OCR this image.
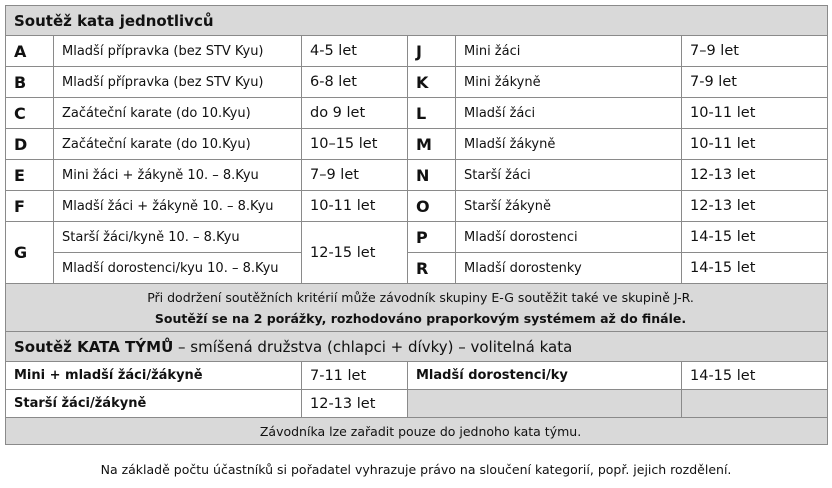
Soutěž kata jednotlivců					
A	Mladší přípravka (bez STV Kyu)	4-5 let	J	Mini žáci	7–9 let
B	Mladší přípravka (bez STV Kyu)	6-8 let	K	Mini žákyně	7-9 let
C	Začáteční karate (do 10.Kyu)	do 9 let	L	Mladší žáci	10-11 let
D	Začáteční karate (do 10.Kyu)	10–15 let	M	Mladší žákyně	10-11 let
E	Mini žáci + žákyně 10. – 8.Kyu	7–9 let	N	Starší žáci	12-13 let
F	Mladší žáci + žákyně 10. – 8.Kyu	10-11 let	O	Starší žákyně	12-13 let
G	Starší žáci/kyně 10. – 8.Kyu	12-15 let	P	Mladší dorostenci	14-15 let
	Mladší dorostenci/kyu 10. – 8.Kyu		R	Mladší dorostenky	14-15 let

Při dodržení soutěžních kritérií může závodník skupiny E-G soutěžit také ve skupině J-R.
Soutěží se na 2 porážky, rozhodováno praporkovým systémem až do finále.					

Soutěž KATA TÝMŮ – smíšená družstva (chlapci + dívky) – volitelná kata					
Mini + mladší žáci/žákyně		7-11 let	Mladší dorostenci/ky		14-15 let
Starší žáci/žákyně		12-13 let			
Závodníka lze zařadit pouze do jednoho kata týmu.					
Na základě počtu účastníků si pořadatel vyhrazuje právo na sloučení kategorií, popř. jejich rozdělení.
